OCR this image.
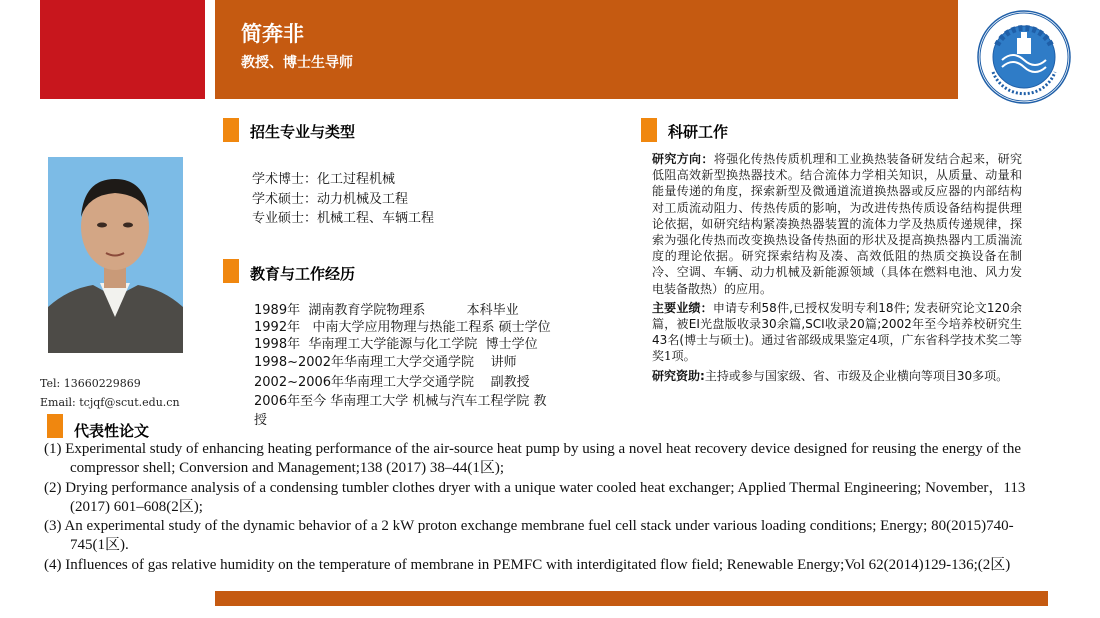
简奔非
教授、博士生导师
Tel: 13660229869
Email: tcjqf@scut.edu.cn
招生专业与类型
学术博士：化工过程机械
学术硕士：动力机械及工程
专业硕士：机械工程、车辆工程
教育与工作经历
1989年  湖南教育学院物理系          本科毕业
1992年   中南大学应用物理与热能工程系 硕士学位
1998年  华南理工大学能源与化工学院  博士学位
1998~2002年华南理工大学交通学院    讲师
2002~2006年华南理工大学交通学院    副教授
2006年至今 华南理工大学 机械与汽车工程学院 教
授
科研工作

研究方向：将强化传热传质机理和工业换热装备研发结合起来，研究低阻高效新型换热器技术。结合流体力学相关知识，从质量、动量和能量传递的角度，探索新型及微通道流道换热器或反应器的内部结构对工质流动阻力、传热传质的影响，为改进传热传质设备结构提供理论依据，如研究结构紧凑换热器装置的流体力学及热质传递规律，探索为强化传热而改变换热设备传热面的形状及提高换热器内工质湍流度的理论依据。研究探索结构及凑、高效低阻的热质交换设备在制冷、空调、车辆、动力机械及新能源领域（具体在燃料电池、风力发电装备散热）的应用。

主要业绩：申请专利58件,已授权发明专利18件; 发表研究论文120余篇，被EI光盘版收录30余篇,SCI收录20篇;2002年至今培养校研究生43名(博士与硕士)。通过省部级成果鉴定4项，广东省科学技术奖二等奖1项。

研究资助:主持或参与国家级、省、市级及企业横向等项目30多项。

代表性论文

(1) Experimental study of enhancing heating performance of the air-source heat pump by using a novel heat recovery device designed for reusing the energy of the compressor shell; Conversion and Management;138 (2017) 38–44(1区);

(2) Drying performance analysis of a condensing tumbler clothes dryer with a unique water cooled heat exchanger; Applied Thermal Engineering; November，113 (2017) 601–608(2区);

(3) An experimental study of the dynamic behavior of a 2 kW proton exchange membrane fuel cell stack under various loading conditions; Energy; 80(2015)740-745(1区).

(4) Influences of gas relative humidity on the temperature of membrane in PEMFC with interdigitated flow field; Renewable Energy;Vol 62(2014)129-136;(2区)
